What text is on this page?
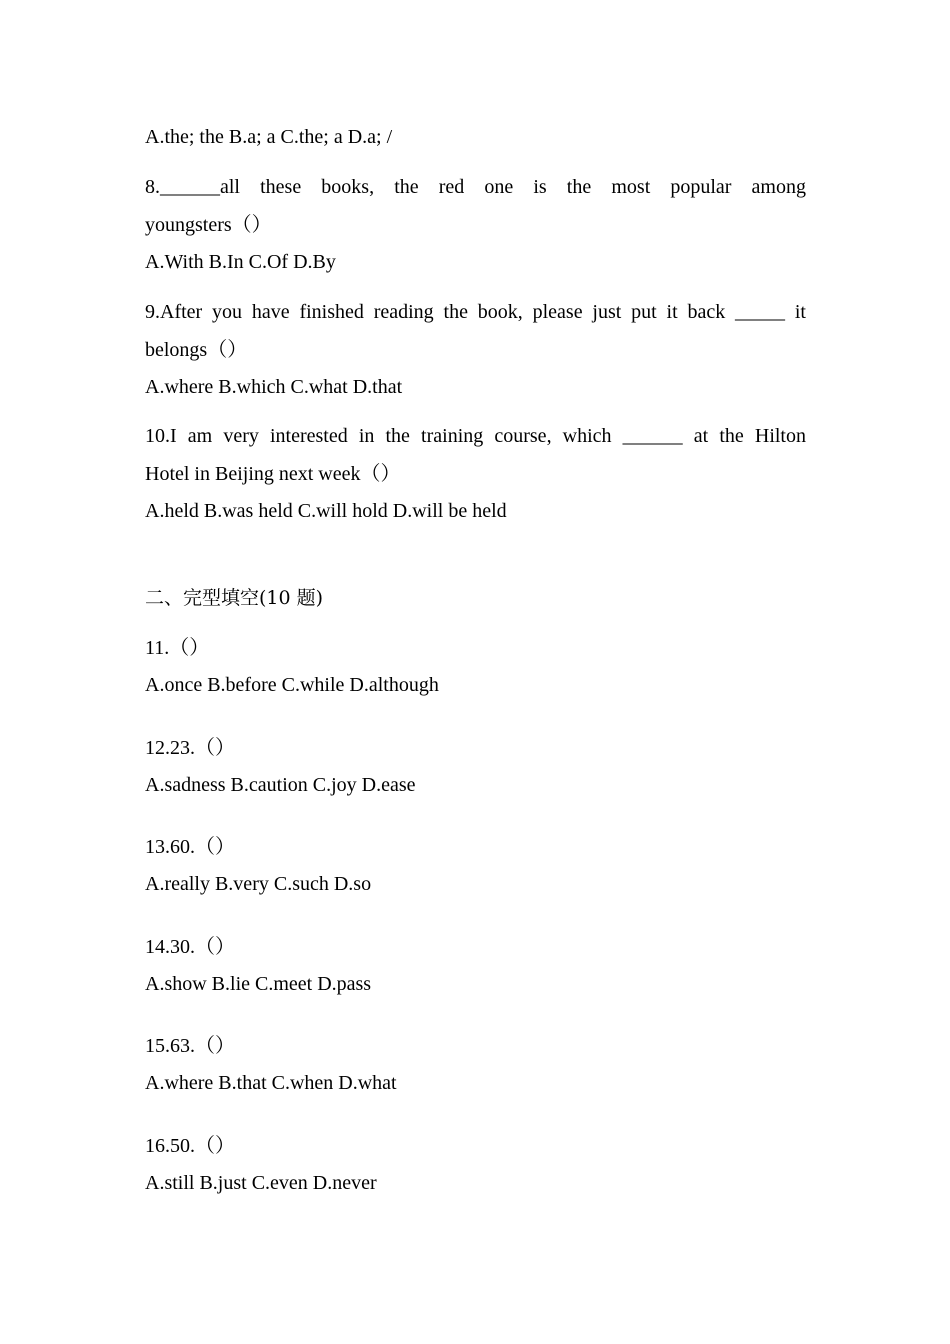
A.the; the B.a; a C.the; a D.a; /
8.______all these books, the red one is the most popular among
youngsters（）
A.With B.In C.Of D.By
9.After you have finished reading the book, please just put it back _____ it
belongs（）
A.where B.which C.what D.that
10.I am very interested in the training course, which ______ at the Hilton
Hotel in Beijing next week（）
A.held B.was held C.will hold D.will be held
二、完型填空(10 题)
11.（）
A.once B.before C.while D.although
12.23.（）
A.sadness B.caution C.joy D.ease
13.60.（）
A.really B.very C.such D.so
14.30.（）
A.show B.lie C.meet D.pass
15.63.（）
A.where B.that C.when D.what
16.50.（）
A.still B.just C.even D.never
